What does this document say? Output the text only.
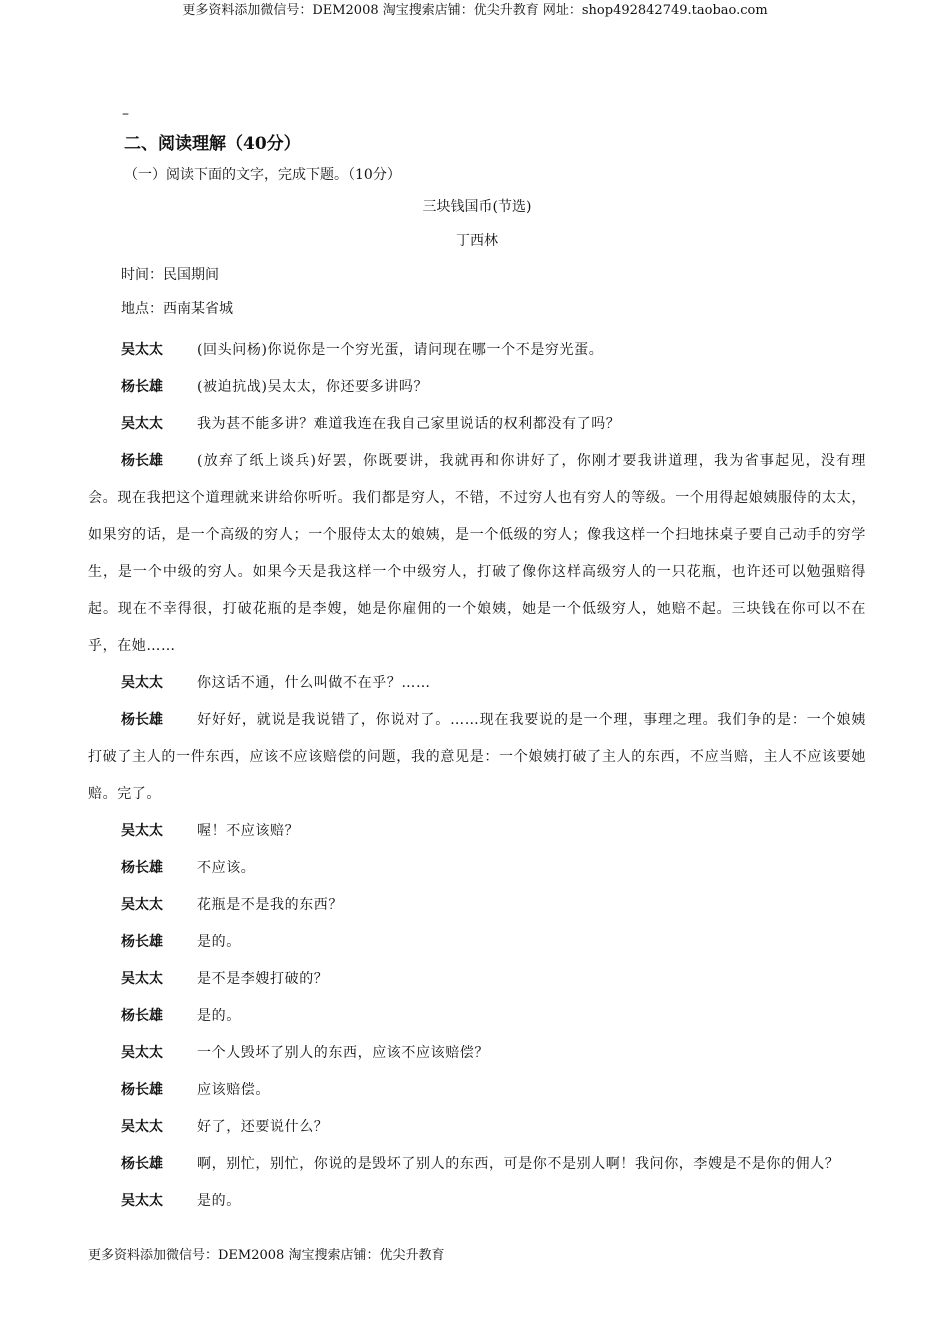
更多资料添加微信号：DEM2008 淘宝搜索店铺：优尖升教育 网址：shop492842749.taobao.com
–
二、阅读理解（40分）
（一）阅读下面的文字，完成下题。（10分）
三块钱国币(节选)
丁西林
时间：民国期间
地点：西南某省城

吴太太 (回头问杨)你说你是一个穷光蛋，请问现在哪一个不是穷光蛋。

杨长雄 (被迫抗战)吴太太，你还要多讲吗？

吴太太 我为甚不能多讲？难道我连在我自己家里说话的权利都没有了吗？

杨长雄 (放弃了纸上谈兵)好罢，你既要讲，我就再和你讲好了，你刚才要我讲道理，我为省事起见，没有理会。现在我把这个道理就来讲给你听听。我们都是穷人，不错，不过穷人也有穷人的等级。一个用得起娘姨服侍的太太，如果穷的话，是一个高级的穷人；一个服侍太太的娘姨，是一个低级的穷人；像我这样一个扫地抹桌子要自己动手的穷学生，是一个中级的穷人。如果今天是我这样一个中级穷人，打破了像你这样高级穷人的一只花瓶，也许还可以勉强赔得起。现在不幸得很，打破花瓶的是李嫂，她是你雇佣的一个娘姨，她是一个低级穷人，她赔不起。三块钱在你可以不在乎，在她……

吴太太 你这话不通，什么叫做不在乎？……

杨长雄 好好好，就说是我说错了，你说对了。……现在我要说的是一个理，事理之理。我们争的是：一个娘姨打破了主人的一件东西，应该不应该赔偿的问题，我的意见是：一个娘姨打破了主人的东西，不应当赔，主人不应该要她赔。完了。

吴太太 喔！不应该赔？

杨长雄 不应该。

吴太太 花瓶是不是我的东西？

杨长雄 是的。

吴太太 是不是李嫂打破的？

杨长雄 是的。

吴太太 一个人毁坏了别人的东西，应该不应该赔偿？

杨长雄 应该赔偿。

吴太太 好了，还要说什么？

杨长雄 啊，别忙，别忙，你说的是毁坏了别人的东西，可是你不是别人啊！我问你，李嫂是不是你的佣人？

吴太太 是的。

更多资料添加微信号：DEM2008 淘宝搜索店铺：优尖升教育
